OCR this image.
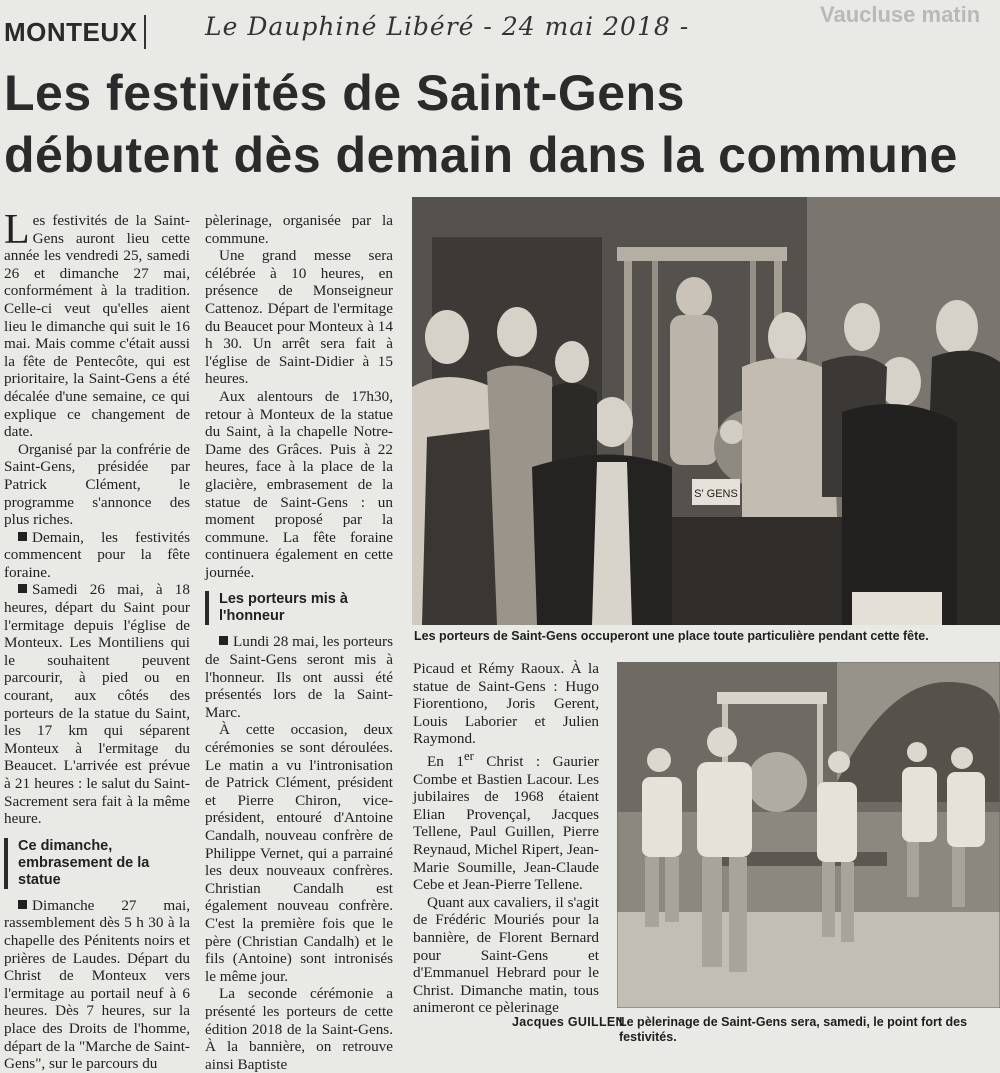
MONTEUX	Le Dauphiné Libéré - 24 mai 2018 -	Vaucluse matin
Les festivités de Saint-Gens
débutent dès demain dans la commune

Les festivités de la Saint-Gens auront lieu cette année les vendredi 25, samedi 26 et dimanche 27 mai, conformément à la tradition. Celle-ci veut qu'elles aient lieu le dimanche qui suit le 16 mai. Mais comme c'était aussi la fête de Pentecôte, qui est prioritaire, la Saint-Gens a été décalée d'une semaine, ce qui explique ce changement de date.

Organisé par la confrérie de Saint-Gens, présidée par Patrick Clément, le programme s'annonce des plus riches.

Demain, les festivités commencent pour la fête foraine.

Samedi 26 mai, à 18 heures, départ du Saint pour l'ermitage depuis l'église de Monteux. Les Montiliens qui le souhaitent peuvent parcourir, à pied ou en courant, aux côtés des porteurs de la statue du Saint, les 17 km qui séparent Monteux à l'ermitage du Beaucet. L'arrivée est prévue à 21 heures : le salut du Saint-Sacrement sera fait à la même heure.

Ce dimanche, embrasement de la statue

Dimanche 27 mai, rassemblement dès 5 h 30 à la chapelle des Pénitents noirs et prières de Laudes. Départ du Christ de Monteux vers l'ermitage au portail neuf à 6 heures. Dès 7 heures, sur la place des Droits de l'homme, départ de la "Marche de Saint-Gens", sur le parcours du

pèlerinage, organisée par la commune.

Une grand messe sera célébrée à 10 heures, en présence de Monseigneur Cattenoz. Départ de l'ermitage du Beaucet pour Monteux à 14 h 30. Un arrêt sera fait à l'église de Saint-Didier à 15 heures.

Aux alentours de 17h30, retour à Monteux de la statue du Saint, à la chapelle Notre-Dame des Grâces. Puis à 22 heures, face à la place de la glacière, embrasement de la statue de Saint-Gens : un moment proposé par la commune. La fête foraine continuera également en cette journée.

Les porteurs mis à l'honneur

Lundi 28 mai, les porteurs de Saint-Gens seront mis à l'honneur. Ils ont aussi été présentés lors de la Saint-Marc.

À cette occasion, deux cérémonies se sont déroulées. Le matin a vu l'intronisation de Patrick Clément, président et Pierre Chiron, vice-président, entouré d'Antoine Candalh, nouveau confrère de Philippe Vernet, qui a parrainé les deux nouveaux confrères. Christian Candalh est également nouveau confrère. C'est la première fois que le père (Christian Candalh) et le fils (Antoine) sont intronisés le même jour.

La seconde cérémonie a présenté les porteurs de cette édition 2018 de la Saint-Gens. À la bannière, on retrouve ainsi Baptiste

S' GENS
Les porteurs de Saint-Gens occuperont une place toute particulière pendant cette fête.

Picaud et Rémy Raoux. À la statue de Saint-Gens : Hugo Fiorentiono, Joris Gerent, Louis Laborier et Julien Raymond.

En 1er Christ : Gaurier Combe et Bastien Lacour. Les jubilaires de 1968 étaient Elian Provençal, Jacques Tellene, Paul Guillen, Pierre Reynaud, Michel Ripert, Jean-Marie Soumille, Jean-Claude Cebe et Jean-Pierre Tellene.

Quant aux cavaliers, il s'agit de Frédéric Mouriés pour la bannière, de Florent Bernard pour Saint-Gens et d'Emmanuel Hebrard pour le Christ. Dimanche matin, tous animeront ce pèlerinage

Jacques GUILLEN
Le pèlerinage de Saint-Gens sera, samedi, le point fort des festivités.
